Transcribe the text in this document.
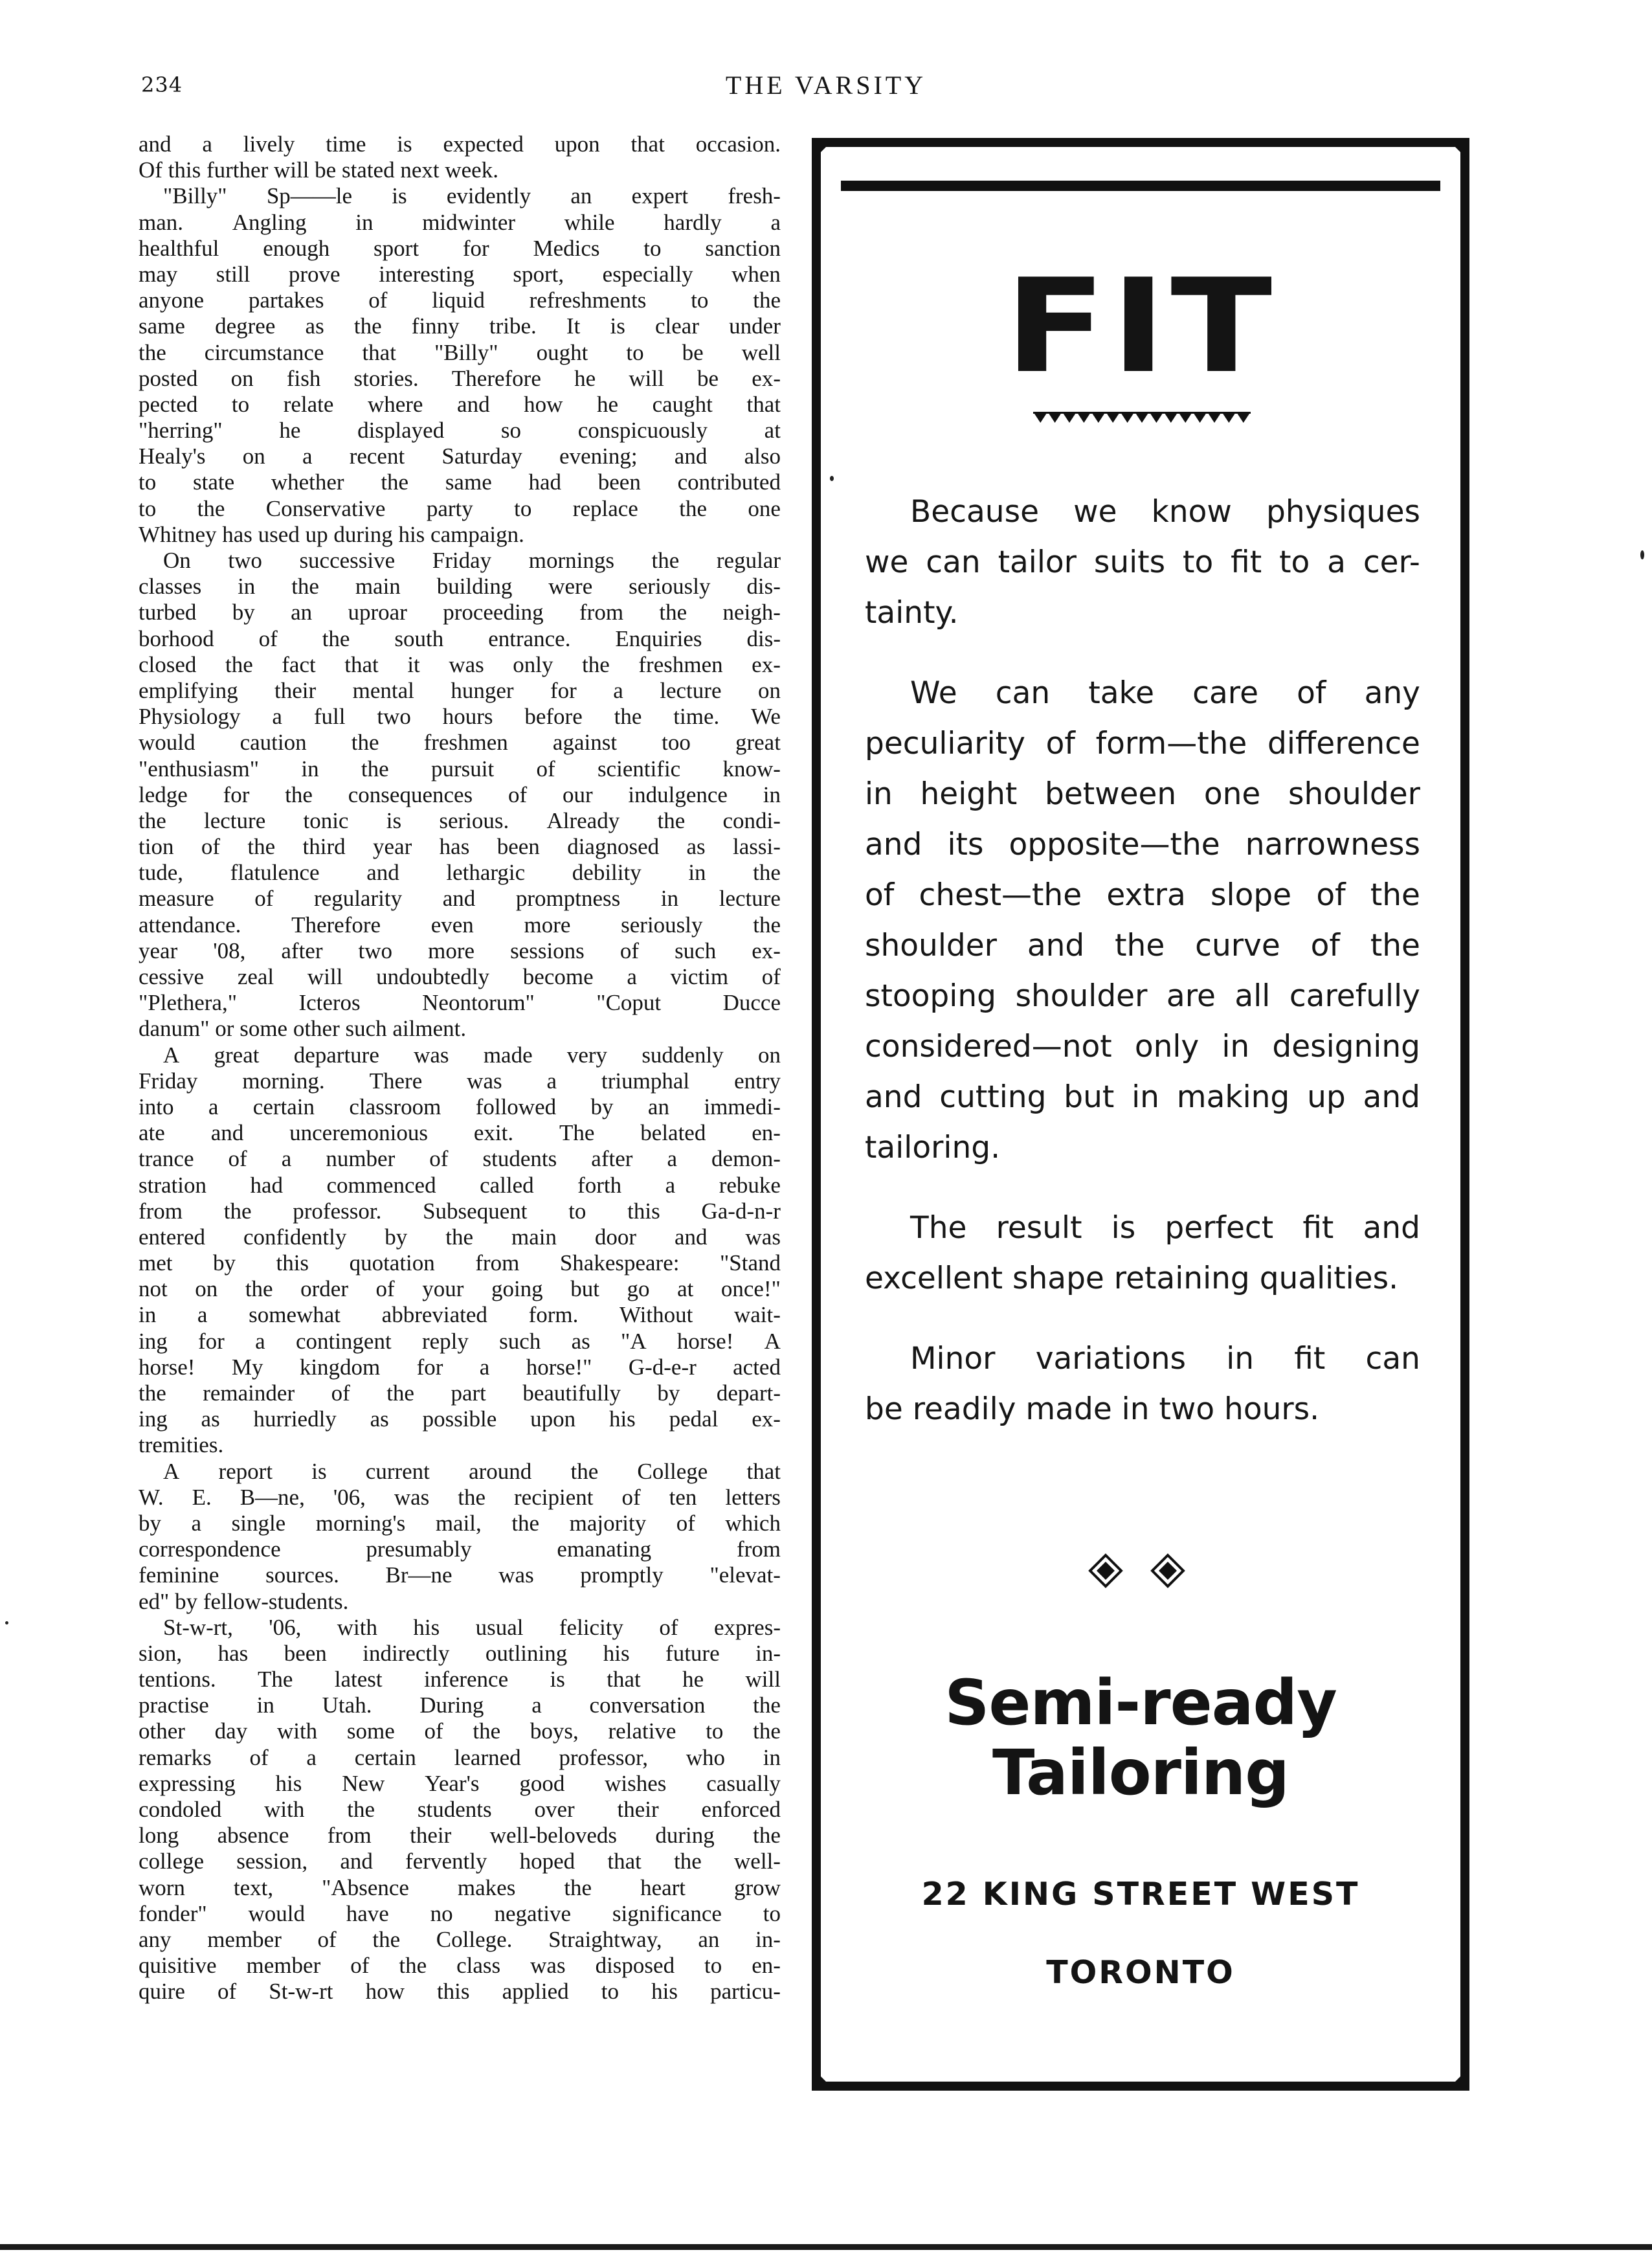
234	THE VARSITY
and a lively time is expected upon that occasion.
Of this further will be stated next week.
"Billy" Sp——le is evidently an expert fresh-
man. Angling in midwinter while hardly a
healthful enough sport for Medics to sanction
may still prove interesting sport, especially when
anyone partakes of liquid refreshments to the
same degree as the finny tribe. It is clear under
the circumstance that "Billy" ought to be well
posted on fish stories. Therefore he will be ex-
pected to relate where and how he caught that
"herring"	he	displayed	so	conspicuously	at
Healy's on a recent Saturday evening; and also
to state whether the same had been contributed
to the Conservative party to replace the one
Whitney has used up during his campaign.
On two successive Friday mornings the regular
classes in the main building were seriously dis-
turbed by an uproar proceeding from the neigh-
borhood of the south entrance. Enquiries dis-
closed the fact that it was only the freshmen ex-
emplifying their mental hunger for a lecture on
Physiology a full two hours before the time. We
would caution the freshmen against too great
"enthusiasm" in the pursuit of scientific know-
ledge for the consequences of our indulgence in
the lecture tonic is serious. Already the condi-
tion of the third year has been diagnosed as lassi-
tude, flatulence and lethargic debility in the
measure of regularity and promptness in lecture
attendance. Therefore even more seriously the
year '08, after two more sessions of such ex-
cessive zeal will undoubtedly become a victim of
"Plethera,"	Icteros	Neontorum"	"Coput	Ducce
danum" or some other such ailment.
A great departure was made very suddenly on
Friday morning. There was a triumphal entry
into a certain classroom followed by an immedi-
ate and unceremonious exit. The belated en-
trance of a number of students after a demon-
stration had commenced called forth a rebuke
from the professor. Subsequent to this Ga-d-n-r
entered confidently by the main door and was
met by this quotation from Shakespeare: "Stand
not on the order of your going but go at once!"
in a somewhat abbreviated form. Without wait-
ing for a contingent reply such as "A horse! A
horse! My kingdom for a horse!" G-d-e-r acted
the remainder of the part beautifully by depart-
ing as hurriedly as possible upon his pedal ex-
tremities.
A report is current around the College that
W. E. B—ne, '06, was the recipient of ten letters
by a single morning's mail, the majority of which
correspondence	presumably	emanating	from
feminine sources. Br—ne was promptly "elevat-
ed" by fellow-students.
St-w-rt, '06, with his usual felicity of expres-
sion, has been indirectly outlining his future in-
tentions. The latest inference is that he will
practise in Utah. During a conversation the
other day with some of the boys, relative to the
remarks of a certain learned professor, who in
expressing his New Year's good wishes casually
condoled with the students over their enforced
long absence from their well-beloveds during the
college session, and fervently hoped that the well-
worn text, "Absence makes the heart grow
fonder" would have no negative significance to
any member of the College. Straightway, an in-
quisitive member of the class was disposed to en-
quire of St-w-rt how this applied to his particu-
FIT
Because we know physiques
we can tailor suits to fit to a cer-
tainty.
We can take care of any
peculiarity of form—the difference
in height between one shoulder
and its opposite—the narrowness
of chest—the extra slope of the
shoulder and the curve of the
stooping shoulder are all carefully
considered—not only in designing
and cutting but in making up and
tailoring.
The result is perfect fit and
excellent shape retaining qualities.
Minor variations in fit can
be readily made in two hours.
Semi-ready
Tailoring
22 KING STREET WEST
TORONTO
